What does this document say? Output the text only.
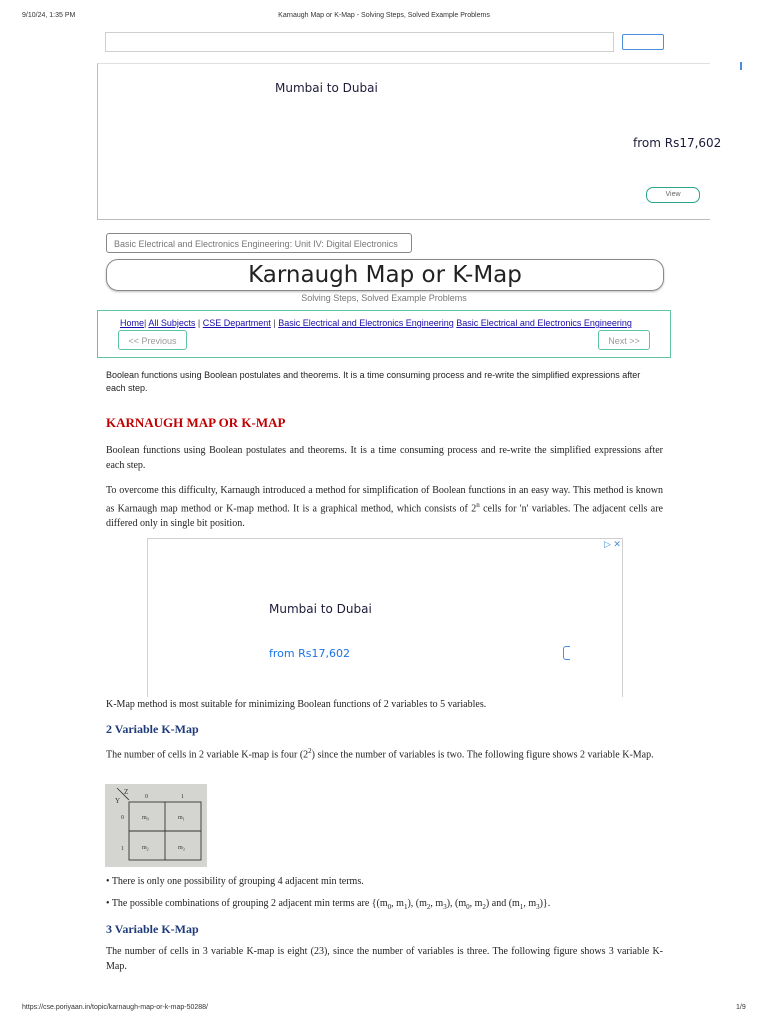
9/10/24, 1:35 PM	Karnaugh Map or K-Map - Solving Steps, Solved Example Problems
Mumbai to Dubai
from Rs17,602
View
Basic Electrical and Electronics Engineering: Unit IV: Digital Electronics
Karnaugh Map or K-Map
Solving Steps, Solved Example Problems
Home| All Subjects | CSE Department | Basic Electrical and Electronics Engineering Basic Electrical and Electronics Engineering
<< Previous	Next >>
Boolean functions using Boolean postulates and theorems. It is a time consuming process and re-write the simplified expressions after each step.
KARNAUGH MAP OR K-MAP
Boolean functions using Boolean postulates and theorems. It is a time consuming process and re-write the simplified expressions after each step.
To overcome this difficulty, Karnaugh introduced a method for simplification of Boolean functions in an easy way. This method is known as Karnaugh map method or K-map method. It is a graphical method, which consists of 2$^n$ cells for 'n' variables. The adjacent cells are differed only in single bit position.
▷ ✕
Mumbai to Dubai
from Rs17,602
K-Map method is most suitable for minimizing Boolean functions of 2 variables to 5 variables.
2 Variable K-Map
The number of cells in 2 variable K-map is four $(2^2)$ since the number of variables is two. The following figure shows 2 variable K-Map.
Z
Y	0	1
0
1
$m_0$	$m_1$
$m_2$	$m_3$
• There is only one possibility of grouping 4 adjacent min terms.
• The possible combinations of grouping 2 adjacent min terms are {($m_0$, $m_1$), ($m_2$, $m_3$), ($m_0$, $m_2$) and ($m_1$, $m_3$)}.
3 Variable K-Map
The number of cells in 3 variable K-map is eight (23), since the number of variables is three. The following figure shows 3 variable K-Map.
https://cse.poriyaan.in/topic/karnaugh-map-or-k-map-50288/	1/9
